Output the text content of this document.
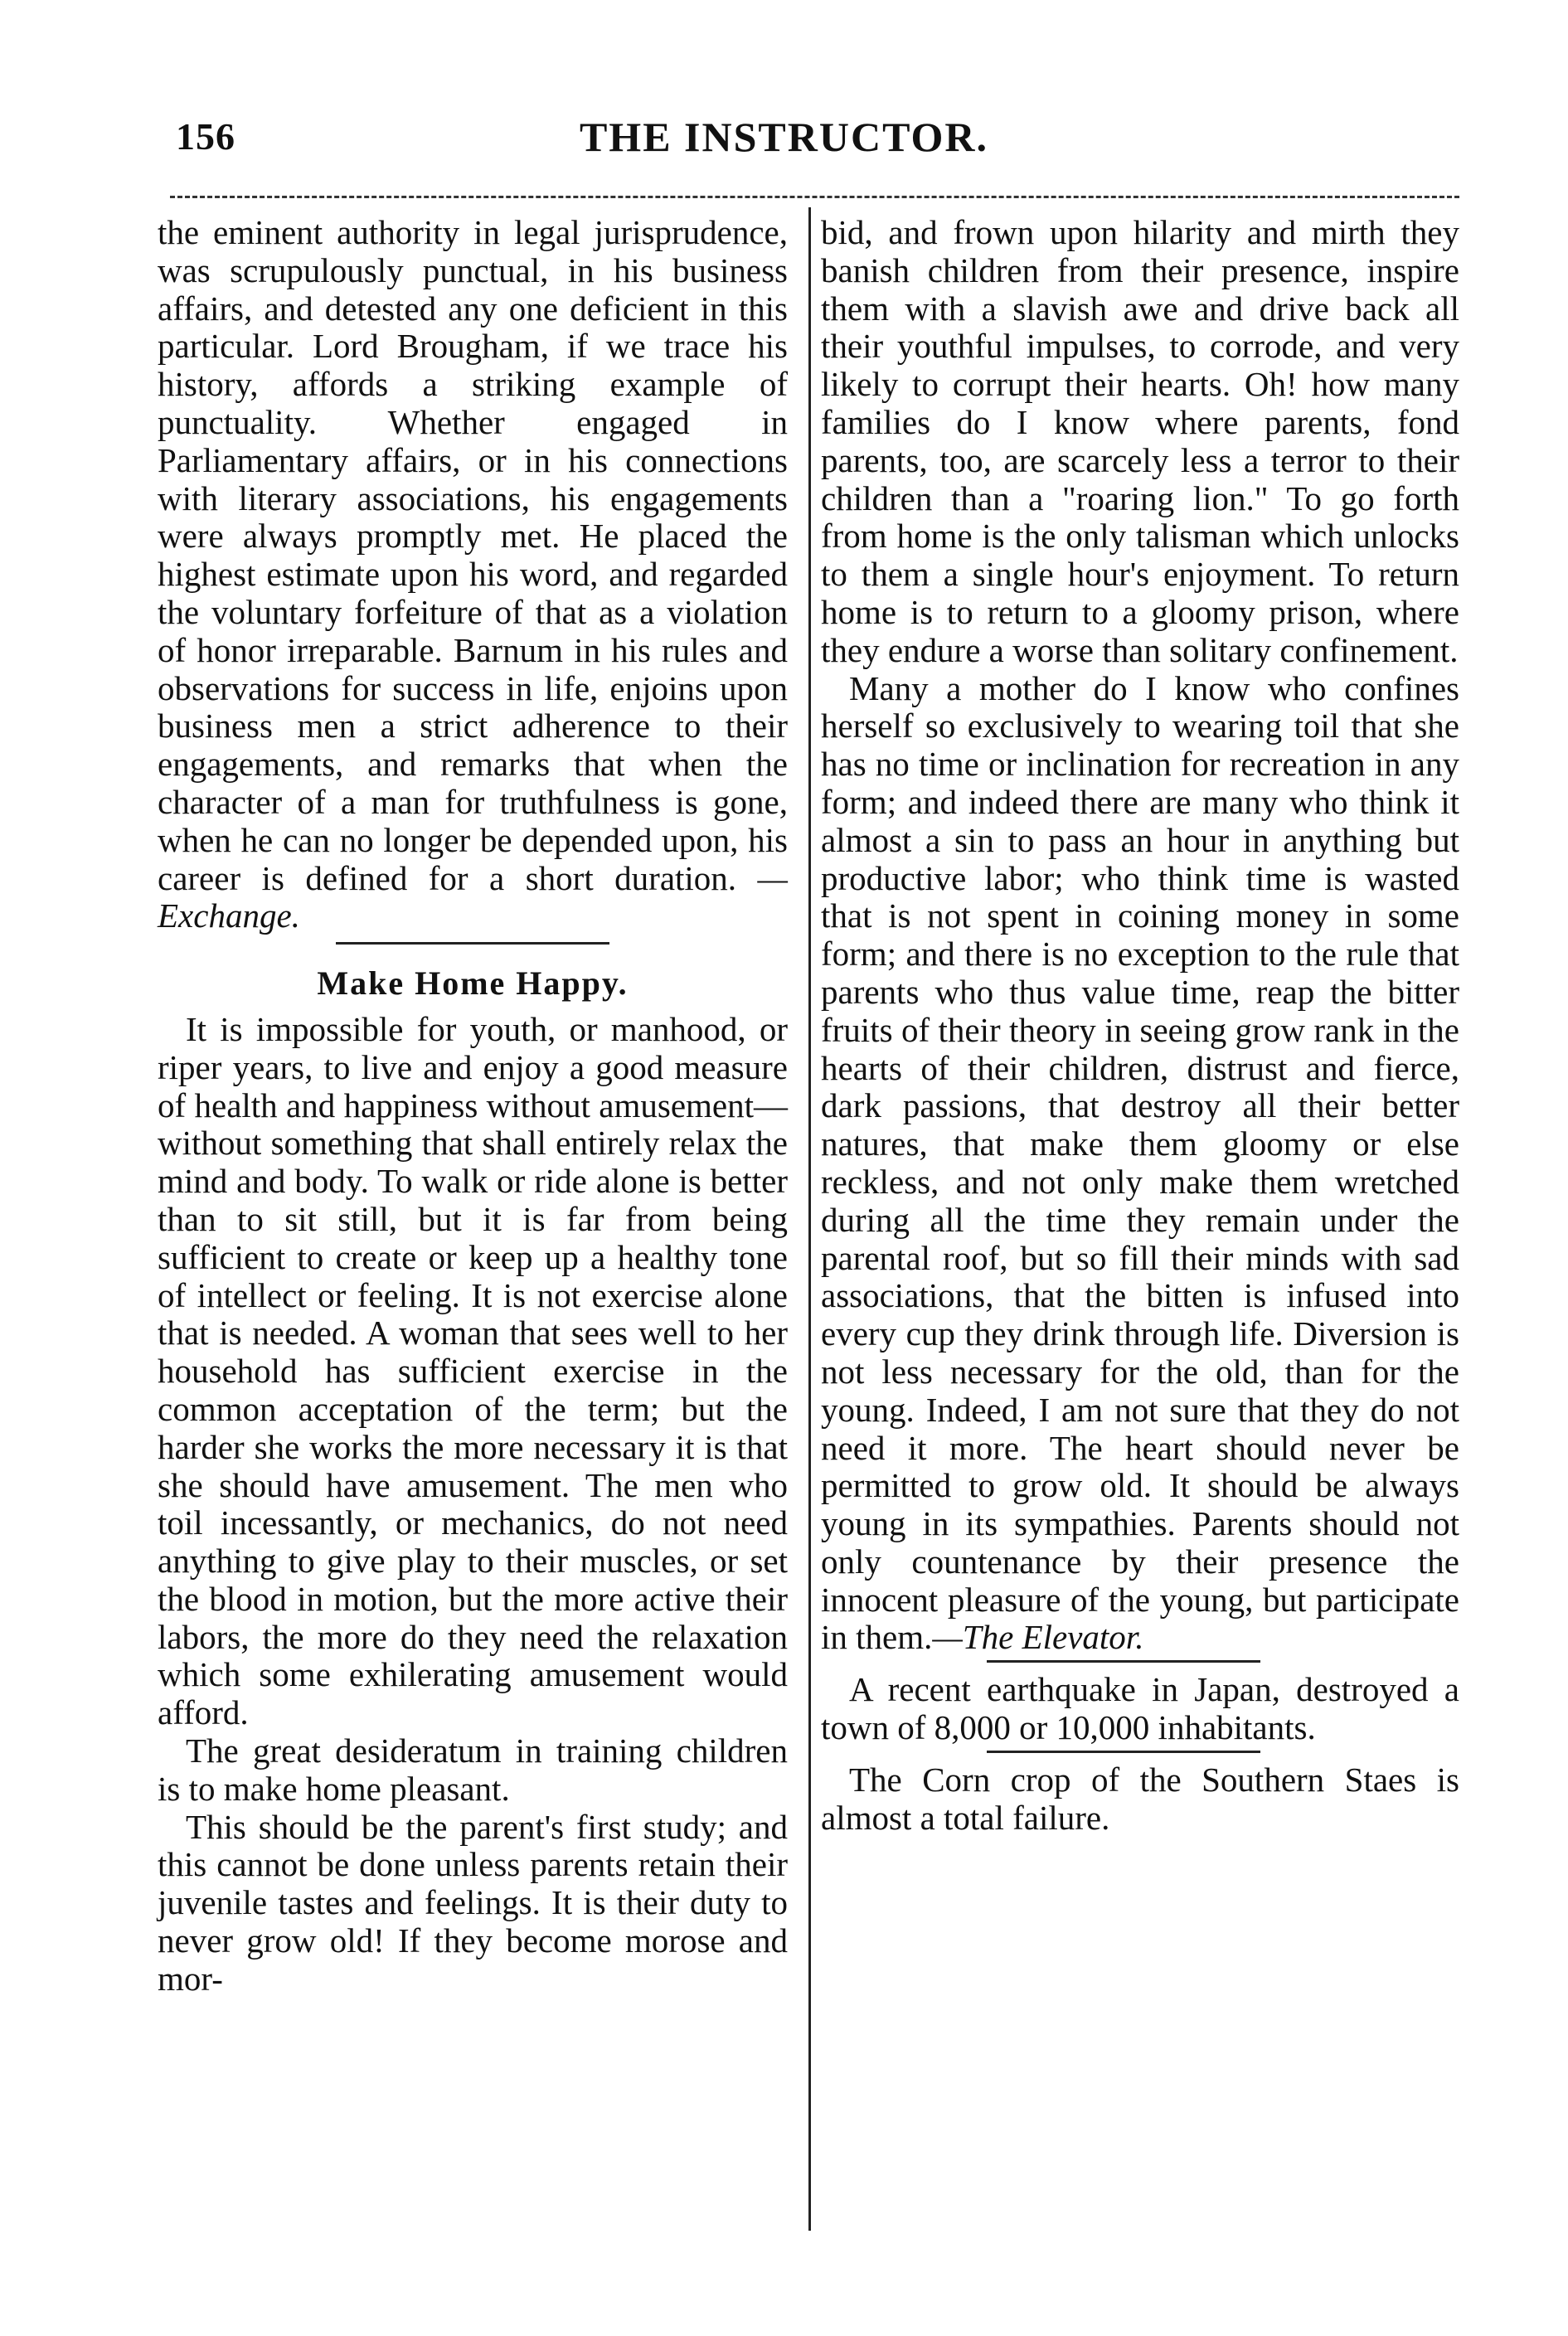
156	THE INSTRUCTOR.

the eminent authority in legal jurisprudence, was scrupulously punctual, in his business affairs, and detested any one deficient in this particular. Lord Brougham, if we trace his history, affords a striking example of punctuality. Whether engaged in Parliamentary affairs, or in his connections with literary associations, his engagements were always promptly met. He placed the highest estimate upon his word, and regarded the voluntary forfeiture of that as a violation of honor irreparable. Barnum in his rules and observations for success in life, enjoins upon business men a strict adherence to their engagements, and remarks that when the character of a man for truthfulness is gone, when he can no longer be depended upon, his career is defined for a short duration. —Exchange.

Make Home Happy.

It is impossible for youth, or manhood, or riper years, to live and enjoy a good measure of health and happiness without amusement—without something that shall entirely relax the mind and body. To walk or ride alone is better than to sit still, but it is far from being sufficient to create or keep up a healthy tone of intellect or feeling. It is not exercise alone that is needed. A woman that sees well to her household has sufficient exercise in the common acceptation of the term; but the harder she works the more necessary it is that she should have amusement. The men who toil incessantly, or mechanics, do not need anything to give play to their muscles, or set the blood in motion, but the more active their labors, the more do they need the relaxation which some exhilerating amusement would afford.

The great desideratum in training children is to make home pleasant.

This should be the parent's first study; and this cannot be done unless parents retain their juvenile tastes and feelings. It is their duty to never grow old! If they become morose and mor-

bid, and frown upon hilarity and mirth they banish children from their presence, inspire them with a slavish awe and drive back all their youthful impulses, to corrode, and very likely to corrupt their hearts. Oh! how many families do I know where parents, fond parents, too, are scarcely less a terror to their children than a "roaring lion." To go forth from home is the only talisman which unlocks to them a single hour's enjoyment. To return home is to return to a gloomy prison, where they endure a worse than solitary confinement.

Many a mother do I know who confines herself so exclusively to wearing toil that she has no time or inclination for recreation in any form; and indeed there are many who think it almost a sin to pass an hour in anything but productive labor; who think time is wasted that is not spent in coining money in some form; and there is no exception to the rule that parents who thus value time, reap the bitter fruits of their theory in seeing grow rank in the hearts of their children, distrust and fierce, dark passions, that destroy all their better natures, that make them gloomy or else reckless, and not only make them wretched during all the time they remain under the parental roof, but so fill their minds with sad associations, that the bitten is infused into every cup they drink through life. Diversion is not less necessary for the old, than for the young. Indeed, I am not sure that they do not need it more. The heart should never be permitted to grow old. It should be always young in its sympathies. Parents should not only countenance by their presence the innocent pleasure of the young, but participate in them.—The Elevator.

A recent earthquake in Japan, destroyed a town of 8,000 or 10,000 inhabitants.

The Corn crop of the Southern Staes is almost a total failure.
